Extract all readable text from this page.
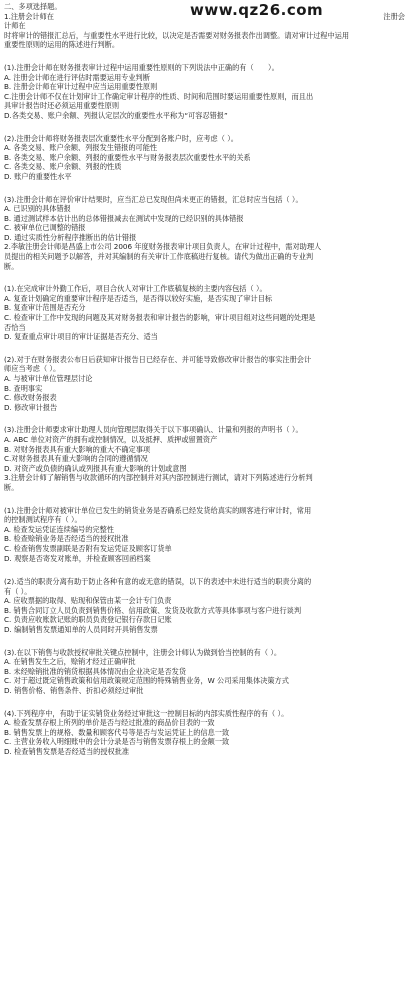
www.qz26.com
二、多项选择题。
1.注册会计师在
计师在
注册会
时将审计的错报汇总后，与重要性水平进行比较，以决定是否需要对财务报表作出调整。请对审计过程中运用
重要性原则的运用的陈述进行判断。
(1).注册会计师在财务报表审计过程中运用重要性原则的下列说法中正确的有（　　）。
A. 注册会计师在进行评估时需要运用专业判断
B. 注册会计师在审计过程中应当运用重要性原则
C.注册会计师不仅在计划审计工作确定审计程序的性质、时间和范围时要运用重要性原则，而且出
具审计报告时还必须运用重要性原则
D.各类交易、账户余额、列报认定层次的重要性水平称为“可容忍错报”
(2).注册会计师将财务报表层次重要性水平分配到各账户时，应考虑（ ）。
A. 各类交易、账户余额、列报发生错报的可能性
B. 各类交易、账户余额、列报的重要性水平与财务报表层次重要性水平的关系
C. 各类交易、账户余额、列报的性质
D. 账户的重要性水平
(3).注册会计师在评价审计结果时，应当汇总已发现但尚未更正的错报，汇总时应当包括（ ）。
A. 已识别的具体错报
B. 通过测试样本估计出的总体错报减去在测试中发现的已经识别的具体错报
C. 被审单位已调整的错报
D. 通过实质性分析程序推断出的估计错报
2.李敏注册会计师是昌盛上市公司 2006 年度财务报表审计项目负责人，在审计过程中，需对助理人
员提出的相关问题予以解答，并对其编制的有关审计工作底稿进行复核。请代为做出正确的专业判
断。
(1).在完成审计外勤工作后，项目合伙人对审计工作底稿复核的主要内容包括（ ）。
A. 复查计划确定的重要审计程序是否适当，是否得以较好实施，是否实现了审计目标
B. 复查审计范围是否充分
C. 检查审计工作中发现的问题及其对财务报表和审计报告的影响，审计项目组对这些问题的处理是
否恰当
D. 复查重点审计项目的审计证据是否充分、适当
(2).对于在财务报表公布日后获知审计报告日已经存在、并可能导致修改审计报告的事实注册会计
师应当考虑（ ）。
A. 与被审计单位管理层讨论
B. 查明事实
C. 修改财务报表
D. 修改审计报告
(3).注册会计师要求审计助理人员向管理层取得关于以下事项确认、计量和列报的声明书（ ）。
A. ABC 单位对资产的拥有或控制情况，以及抵押、质押或留置资产
B. 对财务报表具有重大影响的重大不确定事项
C.对财务报表具有重大影响的合同的遵循情况
D. 对资产或负债的确认或列报具有重大影响的计划或意图
3.注册会计师了解销售与收款循环的内部控制并对其内部控制进行测试，请对下列陈述进行分析判
断。
(1).注册会计师对被审计单位已发生的销货业务是否确系已经发货给真实的顾客进行审计时，常用
的控制测试程序有（ ）。
A. 检查发运凭证连续编号的完整性
B. 检查赊销业务是否经适当的授权批准
C. 检查销售发票副联是否附有发运凭证及顾客订货单
D. 观察是否寄发对账单，并检查顾客回函档案
(2).适当的职责分离有助于防止各种有意的或无意的错误，以下的表述中未进行适当的职责分离的
有（ ）。
A. 应收票据的取得、贴现和保管由某一会计专门负责
B. 销售合同订立人员负责到销售价格、信用政策、发货及收款方式等具体事项与客户进行谈判
C. 负责应收账款记账的职员负责登记银行存款日记账
D. 编制销售发票通知单的人员同时开具销售发票
(3).在以下销售与收款授权审批关键点控制中，注册会计师认为做到恰当控制的有（ ）。
A. 在销售发生之后，赊销才经过正确审批
B. 未经赊销批准的销货根据具体情况由企业决定是否发货
C. 对于超过既定销售政策和信用政策规定范围的特殊销售业务，W 公司采用集体决策方式
D. 销售价格、销售条件、折扣必须经过审批
(4).下列程序中，有助于证实销货业务经过审批这一控制目标的内部实质性程序的有（ ）。
A. 检查发票存根上所列的单价是否与经过批准的商品价目表的一致
B. 销售发票上的规格、数量和顾客代号等是否与发运凭证上的信息一致
C. 主营业务收入明细账中的会计分录是否与销售发票存根上的金额一致
D. 检查销售发票是否经适当的授权批准
